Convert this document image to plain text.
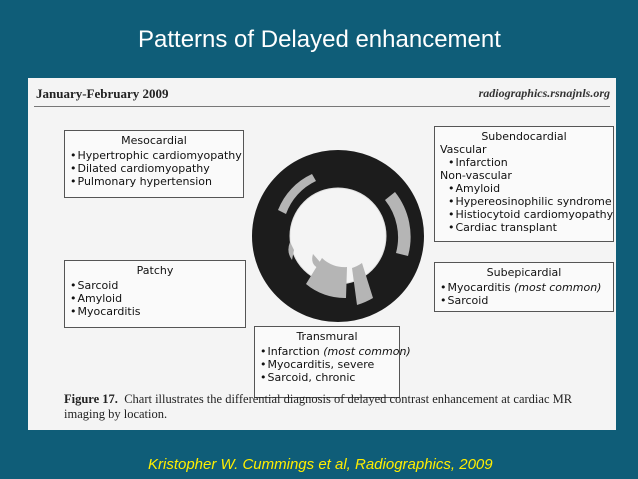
Patterns of Delayed enhancement
January-February 2009	radiographics.rsnajnls.org
Mesocardial
• Hypertrophic cardiomyopathy
• Dilated cardiomyopathy
• Pulmonary hypertension
Patchy
• Sarcoid
• Amyloid
• Myocarditis
Transmural
• Infarction (most common)
• Myocarditis, severe
• Sarcoid, chronic
Subendocardial
Vascular
• Infarction
Non-vascular
• Amyloid
• Hypereosinophilic syndrome
• Histiocytoid cardiomyopathy
• Cardiac transplant
Subepicardial
• Myocarditis (most common)
• Sarcoid
Figure 17. Chart illustrates the differential diagnosis of delayed contrast enhancement at cardiac MR imaging by location.
Kristopher W. Cummings et al, Radiographics, 2009
